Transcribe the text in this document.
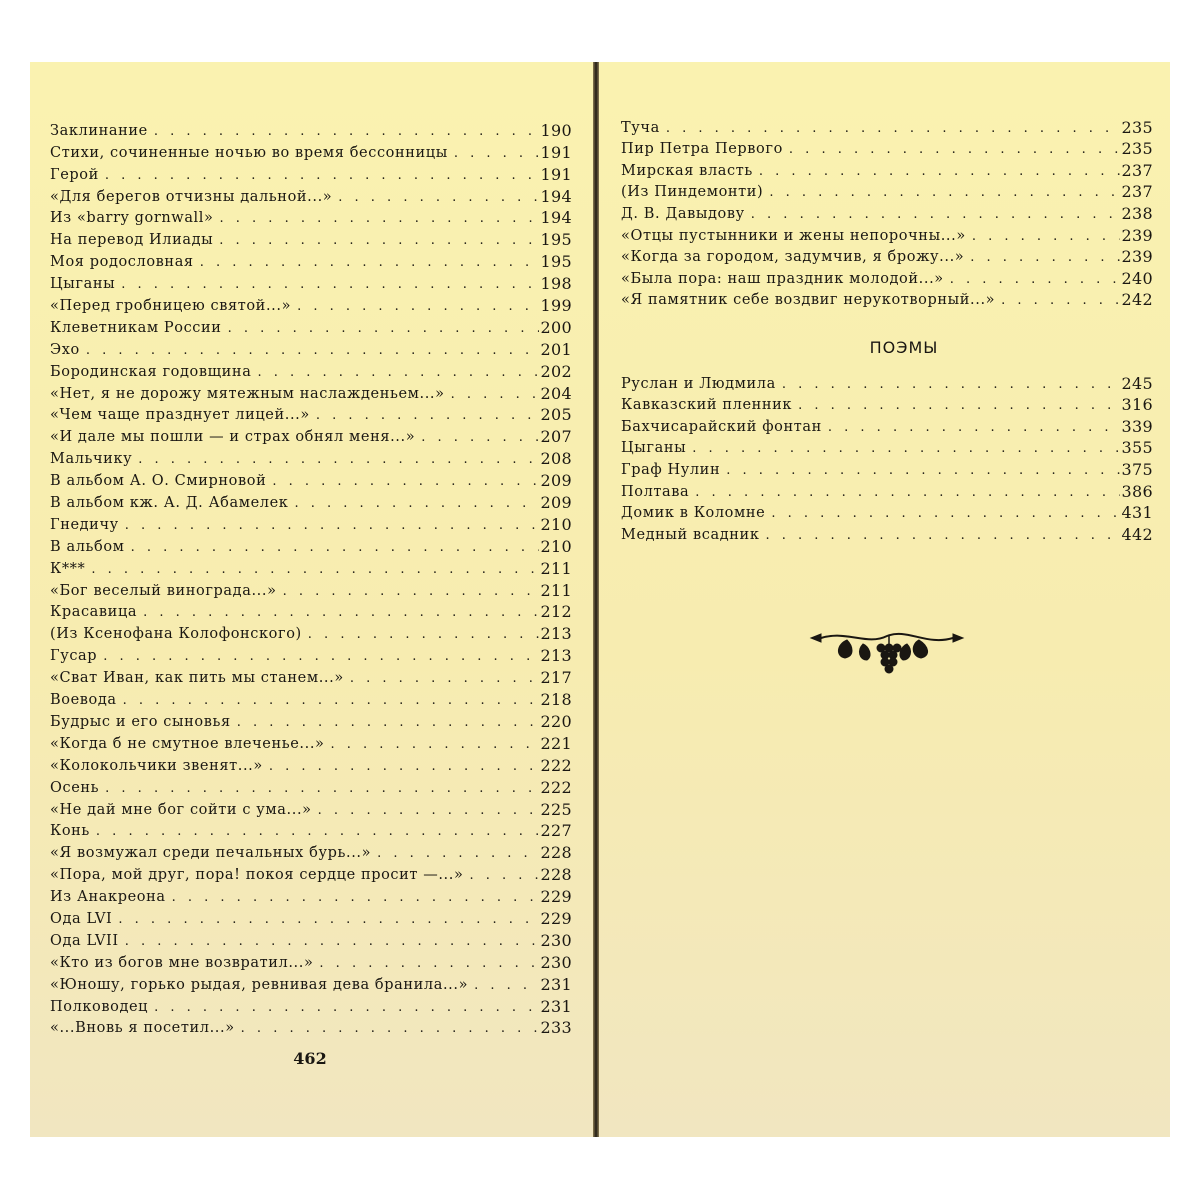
Заклинание . . .	190
Стихи, сочиненные ночью во время бессонницы . . .	191
Герой . . .	191
«Для берегов отчизны дальной...» . . .	194
Из «barry gornwall» . . .	194
На перевод Илиады . . .	195
Моя родословная . . .	195
Цыганы . . .	198
«Перед гробницею святой...» . . .	199
Клеветникам России . . .	200
Эхо . . .	201
Бородинская годовщина . . .	202
«Нет, я не дорожу мятежным наслажденьем...» . . .	204
«Чем чаще празднует лицей...» . . .	205
«И дале мы пошли — и страх обнял меня...» . . .	207
Мальчику . . .	208
В альбом А. О. Смирновой . . .	209
В альбом кж. А. Д. Абамелек . . .	209
Гнедичу . . .	210
В альбом . . .	210
К*** . . .	211
«Бог веселый винограда...» . . .	211
Красавица . . .	212
(Из Ксенофана Колофонского) . . .	213
Гусар . . .	213
«Сват Иван, как пить мы станем...» . . .	217
Воевода . . .	218
Будрыс и его сыновья . . .	220
«Когда б не смутное влеченье...» . . .	221
«Колокольчики звенят...» . . .	222
Осень . . .	222
«Не дай мне бог сойти с ума...» . . .	225
Конь . . .	227
«Я возмужал среди печальных бурь...» . . .	228
«Пора, мой друг, пора! покоя сердце просит —...» . . .	228
Из Анакреона . . .	229
Ода LVI . . .	229
Ода LVII . . .	230
«Кто из богов мне возвратил...» . . .	230
«Юношу, горько рыдая, ревнивая дева бранила...» . . .	231
Полководец . . .	231
«...Вновь я посетил...» . . .	233
462
Туча . . .	235
Пир Петра Первого . . .	235
Мирская власть . . .	237
(Из Пиндемонти) . . .	237
Д. В. Давыдову . . .	238
«Отцы пустынники и жены непорочны...» . . .	239
«Когда за городом, задумчив, я брожу...» . . .	239
«Была пора: наш праздник молодой...» . . .	240
«Я памятник себе воздвиг нерукотворный...» . . .	242
ПОЭМЫ
Руслан и Людмила . . .	245
Кавказский пленник . . .	316
Бахчисарайский фонтан . . .	339
Цыганы . . .	355
Граф Нулин . . .	375
Полтава . . .	386
Домик в Коломне . . .	431
Медный всадник . . .	442
